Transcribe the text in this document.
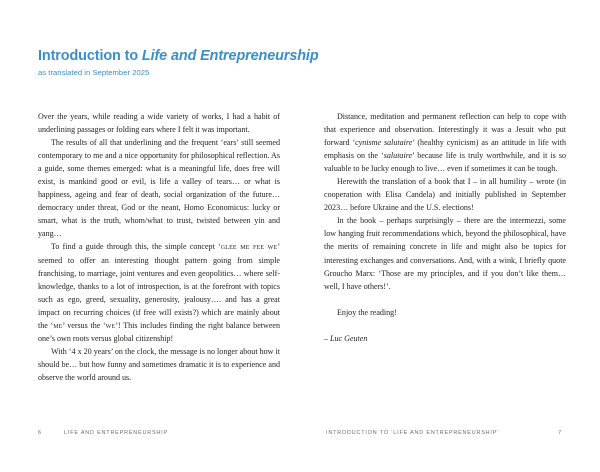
Introduction to Life and Entrepreneurship
as translated in September 2025

Over the years, while reading a wide variety of works, I had a habit of underlining passages or folding ears where I felt it was important.

The results of all that underlining and the frequent ‘ears’ still seemed contemporary to me and a nice opportunity for philosophical reflection. As a guide, some themes emerged: what is a meaningful life, does free will exist, is mankind good or evil, is life a valley of tears… or what is happiness, ageing and fear of death, social organization of the future… democracy under threat, God or the neant, Homo Economicus: lucky or smart, what is the truth, whom/what to trust, twisted between yin and yang…

To find a guide through this, the simple concept ‘glee me fee we’ seemed to offer an interesting thought pattern going from simple franchising, to marriage, joint ventures and even geopolitics… where self-knowledge, thanks to a lot of introspection, is at the forefront with topics such as ego, greed, sexuality, generosity, jealousy…. and has a great impact on recurring choices (if free will exists?) which are mainly about the ‘me’ versus the ‘we’! This includes finding the right balance between one’s own roots versus global citizenship!

With ‘4 x 20 years’ on the clock, the message is no longer about how it should be… but how funny and sometimes dramatic it is to experience and observe the world around us.

Distance, meditation and permanent reflection can help to cope with that experience and observation. Interestingly it was a Jesuit who put forward ‘cynisme salutaire’ (healthy cynicism) as an attitude in life with emphasis on the ‘salutaire’ because life is truly worthwhile, and it is so valuable to be lucky enough to live… even if sometimes it can be tough.

Herewith the translation of a book that I – in all humility – wrote (in cooperation with Elisa Candela) and initially published in September 2023… before Ukraine and the U.S. elections!

In the book – perhaps surprisingly – there are the intermezzi, some low hanging fruit recommendations which, beyond the philosophical, have the merits of remaining concrete in life and might also be topics for interesting exchanges and conversations. And, with a wink, I briefly quote Groucho Marx: ‘Those are my principles, and if you don’t like them… well, I have others!’.

Enjoy the reading!

– Luc Geuten

6	LIFE AND ENTREPRENEURSHIP	INTRODUCTION TO ‘LIFE AND ENTREPRENEURSHIP’	7
